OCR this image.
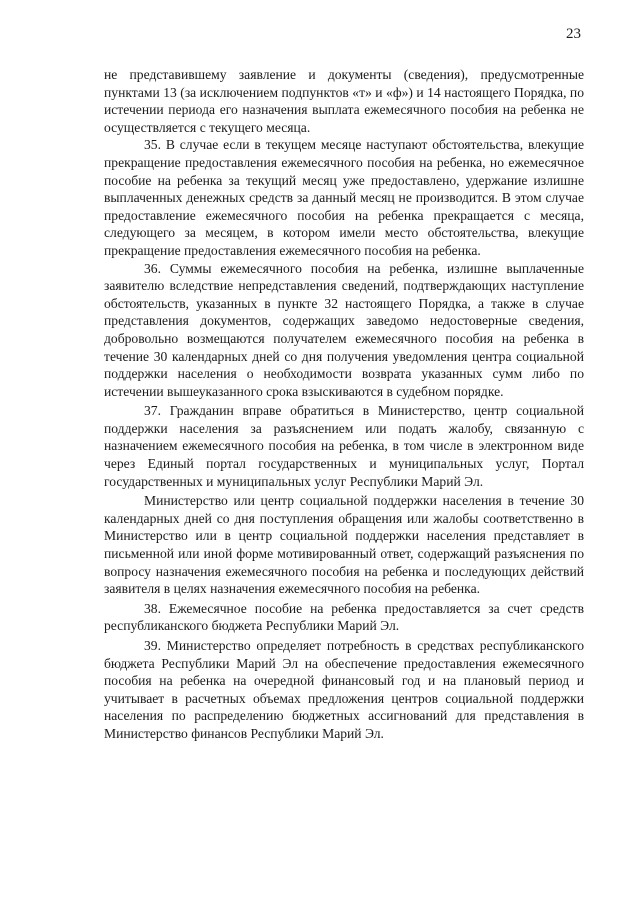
23

не представившему заявление и документы (сведения), предусмотренные пунктами 13 (за исключением подпунктов «т» и «ф») и 14 настоящего Порядка, по истечении периода его назначения выплата ежемесячного пособия на ребенка не осуществляется с текущего месяца.

35. В случае если в текущем месяце наступают обстоятельства, влекущие прекращение предоставления ежемесячного пособия на ребенка, но ежемесячное пособие на ребенка за текущий месяц уже предоставлено, удержание излишне выплаченных денежных средств за данный месяц не производится. В этом случае предоставление ежемесячного пособия на ребенка прекращается с месяца, следующего за месяцем, в котором имели место обстоятельства, влекущие прекращение предоставления ежемесячного пособия на ребенка.

36. Суммы ежемесячного пособия на ребенка, излишне выплаченные заявителю вследствие непредставления сведений, подтверждающих наступление обстоятельств, указанных в пункте 32 настоящего Порядка, а также в случае представления документов, содержащих заведомо недостоверные сведения, добровольно возмещаются получателем ежемесячного пособия на ребенка в течение 30 календарных дней со дня получения уведомления центра социальной поддержки населения о необходимости возврата указанных сумм либо по истечении вышеуказанного срока взыскиваются в судебном порядке.

37. Гражданин вправе обратиться в Министерство, центр социальной поддержки населения за разъяснением или подать жалобу, связанную с назначением ежемесячного пособия на ребенка, в том числе в электронном виде через Единый портал государственных и муниципальных услуг, Портал государственных и муниципальных услуг Республики Марий Эл.

Министерство или центр социальной поддержки населения в течение 30 календарных дней со дня поступления обращения или жалобы соответственно в Министерство или в центр социальной поддержки населения представляет в письменной или иной форме мотивированный ответ, содержащий разъяснения по вопросу назначения ежемесячного пособия на ребенка и последующих действий заявителя в целях назначения ежемесячного пособия на ребенка.

38. Ежемесячное пособие на ребенка предоставляется за счет средств республиканского бюджета Республики Марий Эл.

39. Министерство определяет потребность в средствах республиканского бюджета Республики Марий Эл на обеспечение предоставления ежемесячного пособия на ребенка на очередной финансовый год и на плановый период и учитывает в расчетных объемах предложения центров социальной поддержки населения по распределению бюджетных ассигнований для представления в Министерство финансов Республики Марий Эл.
